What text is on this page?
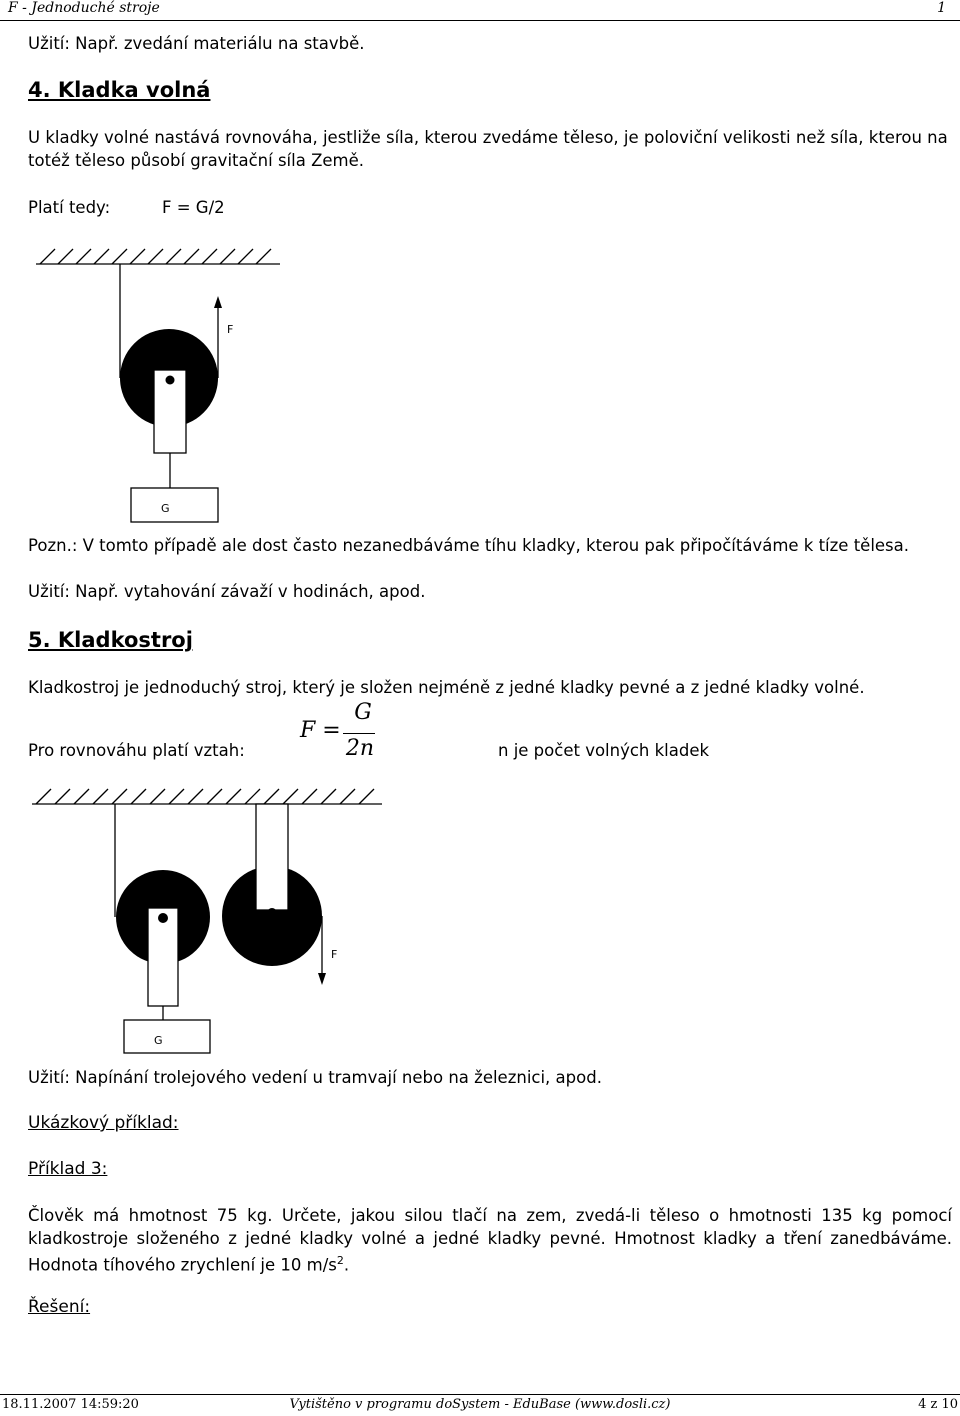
F - Jednoduché stroje	1
Užití: Např. zvedání materiálu na stavbě.
4. Kladka volná
U kladky volné nastává rovnováha, jestliže síla, kterou zvedáme těleso, je poloviční velikosti než síla, kterou na totéž těleso působí gravitační síla Země.
Platí tedy:	F = G/2
F
G
Pozn.: V tomto případě ale dost často nezanedbáváme tíhu kladky, kterou pak připočítáváme k tíze tělesa.
Užití: Např. vytahování závaží v hodinách, apod.
5. Kladkostroj
Kladkostroj je jednoduchý stroj, který je složen nejméně z jedné kladky pevné a z jedné kladky volné.
Pro rovnováhu platí vztah:
F =
G
2n	n je počet volných kladek
F
G
Užití: Napínání trolejového vedení u tramvají nebo na železnici, apod.
Ukázkový příklad:
Příklad 3:
Člověk má hmotnost 75 kg. Určete, jakou silou tlačí na zem, zvedá-li těleso o hmotnosti 135 kg pomocí kladkostroje složeného z jedné kladky volné a jedné kladky pevné. Hmotnost kladky a tření zanedbáváme. Hodnota tíhového zrychlení je 10 $m/s^2$.
Řešení:
18.11.2007 14:59:20	Vytištěno v programu doSystem - EduBase (www.dosli.cz)	4 z 10
